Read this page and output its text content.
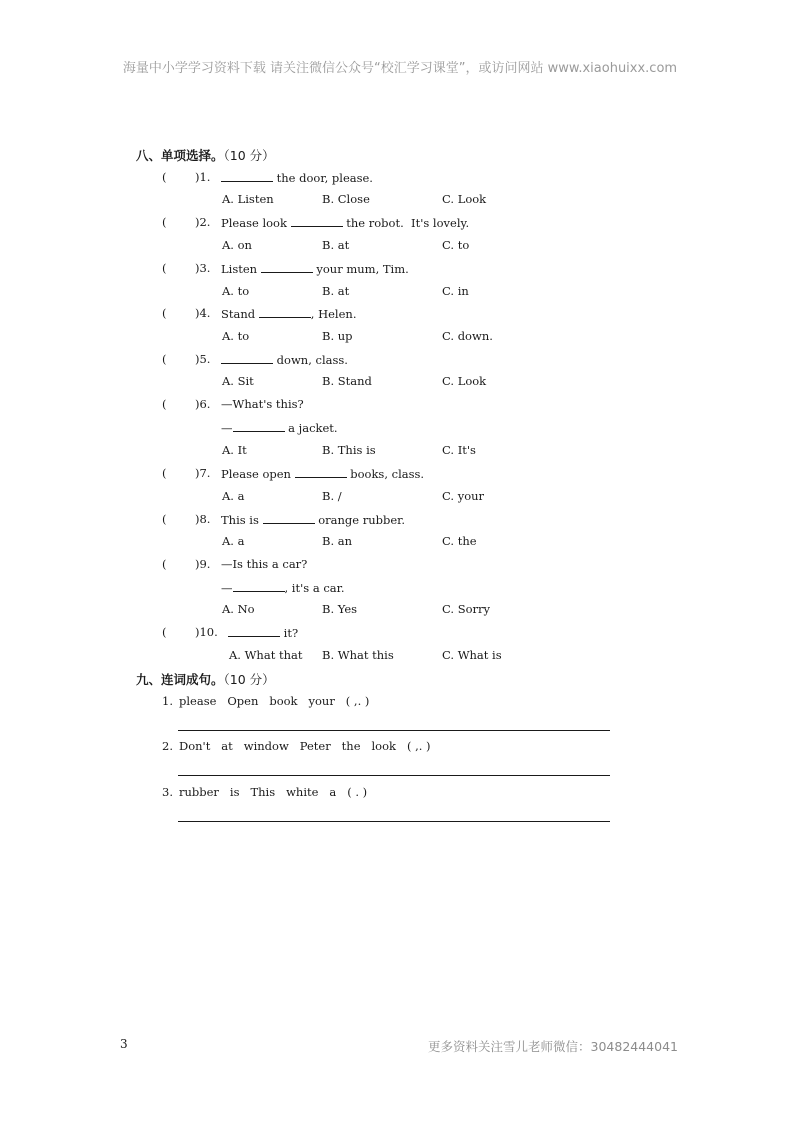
海量中小学学习资料下载 请关注微信公众号“校汇学习课堂”，或访问网站 www.xiaohuixx.com
八、单项选择。（10 分）
( )1.	the door, please.
A. Listen	B. Close	C. Look
( )2. Please look	the robot.  It's lovely.
A. on	B. at	C. to
( )3. Listen	your mum, Tim.
A. to	B. at	C. in
( )4. Stand	, Helen.
A. to	B. up	C. down.
( )5.	down, class.
A. Sit	B. Stand	C. Look
( )6. —What's this?
—	a jacket.
A. It	B. This is	C. It's
( )7. Please open	books, class.
A. a	B. /	C. your
( )8. This is	orange rubber.
A. a	B. an	C. the
( )9. —Is this a car?
—	, it's a car.
A. No	B. Yes	C. Sorry
( )10.	it?
A. What that B. What this	C. What is
九、连词成句。（10 分）
1. please   Open   book   your   ( ,. )
2. Don't   at   window   Peter   the   look   ( ,. )
3. rubber   is   This   white   a   ( . )
3	更多资料关注雪儿老师微信：30482444041
